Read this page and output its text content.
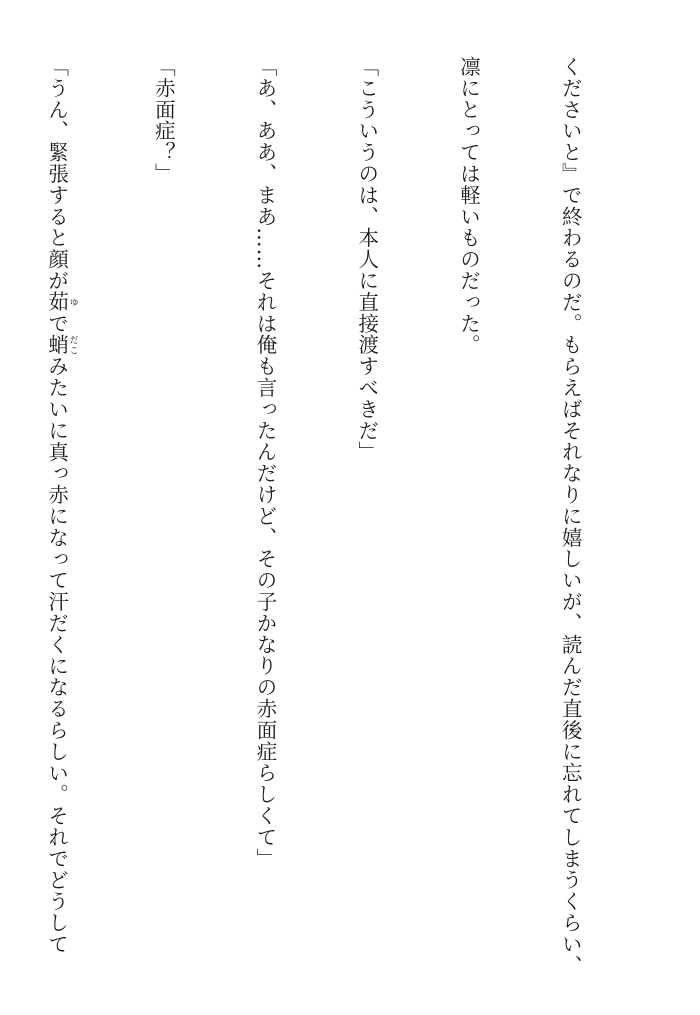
くださいと』で終わるのだ。もらえばそれなりに嬉しいが、読んだ直後に忘れてしまうくらい、

凛にとっては軽いものだった。

「こういうのは、本人に直接渡すべきだ」

「あ、ああ、まあ……それは俺も言ったんだけど、その子かなりの赤面症らしくて」

「赤面症？」

「うん、緊張すると顔が茹 ゆで蛸 だこみたいに真っ赤になって汗だくになるらしい。それでどうして
